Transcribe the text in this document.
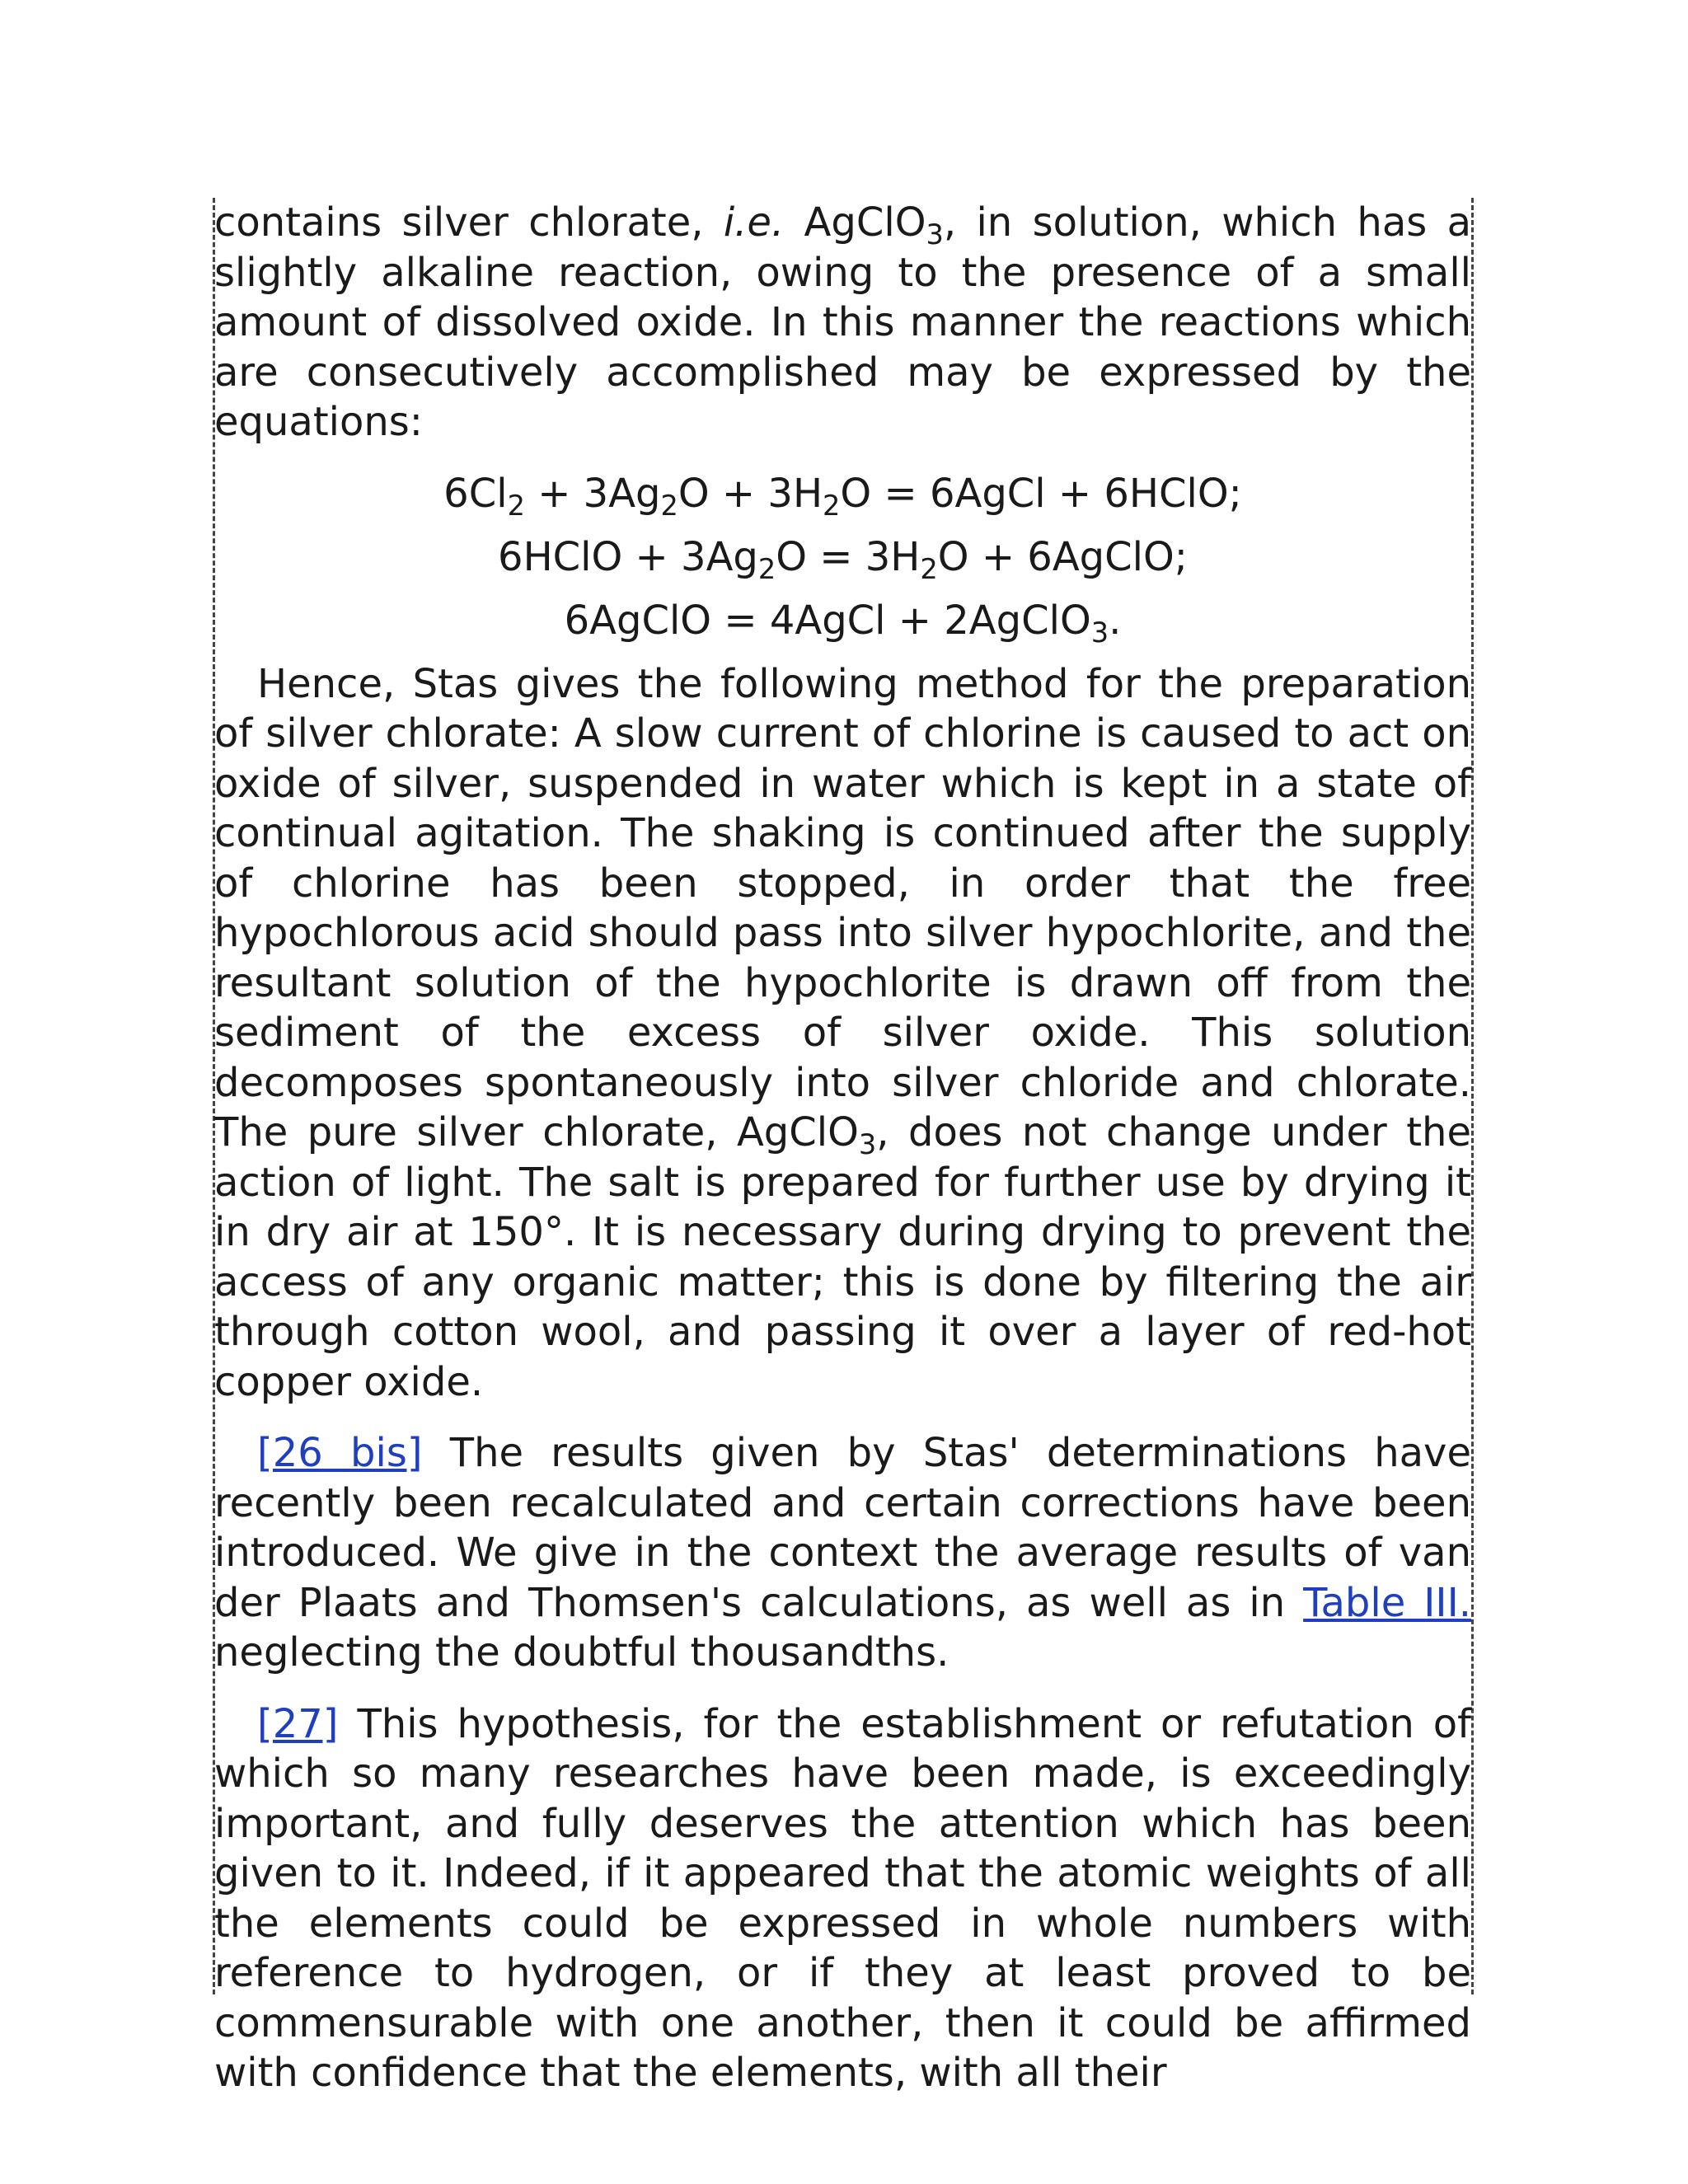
contains silver chlorate, i.e. AgClO$_3$, in solution, which has a slightly alkaline reaction, owing to the presence of a small amount of dissolved oxide. In this manner the reactions which are consecutively accomplished may be expressed by the equations:

$6Cl_2 + 3Ag_2O + 3H_2O$ = 6AgCl + 6HClO;

6HClO + $3Ag_2O = 3H_2O$ + 6AgClO;

6AgClO = 4AgCl + 2AgClO$_3$.

Hence, Stas gives the following method for the preparation of silver chlorate: A slow current of chlorine is caused to act on oxide of silver, suspended in water which is kept in a state of continual agitation. The shaking is continued after the supply of chlorine has been stopped, in order that the free hypochlorous acid should pass into silver hypochlorite, and the resultant solution of the hypochlorite is drawn off from the sediment of the excess of silver oxide. This solution decomposes spontaneously into silver chloride and chlorate. The pure silver chlorate, AgClO$_3$, does not change under the action of light. The salt is prepared for further use by drying it in dry air at 150°. It is necessary during drying to prevent the access of any organic matter; this is done by filtering the air through cotton wool, and passing it over a layer of red-hot copper oxide.

[26 bis] The results given by Stas' determinations have recently been recalculated and certain corrections have been introduced. We give in the context the average results of van der Plaats and Thomsen's calculations, as well as in Table III. neglecting the doubtful thousandths.

[27] This hypothesis, for the establishment or refutation of which so many researches have been made, is exceedingly important, and fully deserves the attention which has been given to it. Indeed, if it appeared that the atomic weights of all the elements could be expressed in whole numbers with reference to hydrogen, or if they at least proved to be commensurable with one another, then it could be affirmed with confidence that the elements, with all their
